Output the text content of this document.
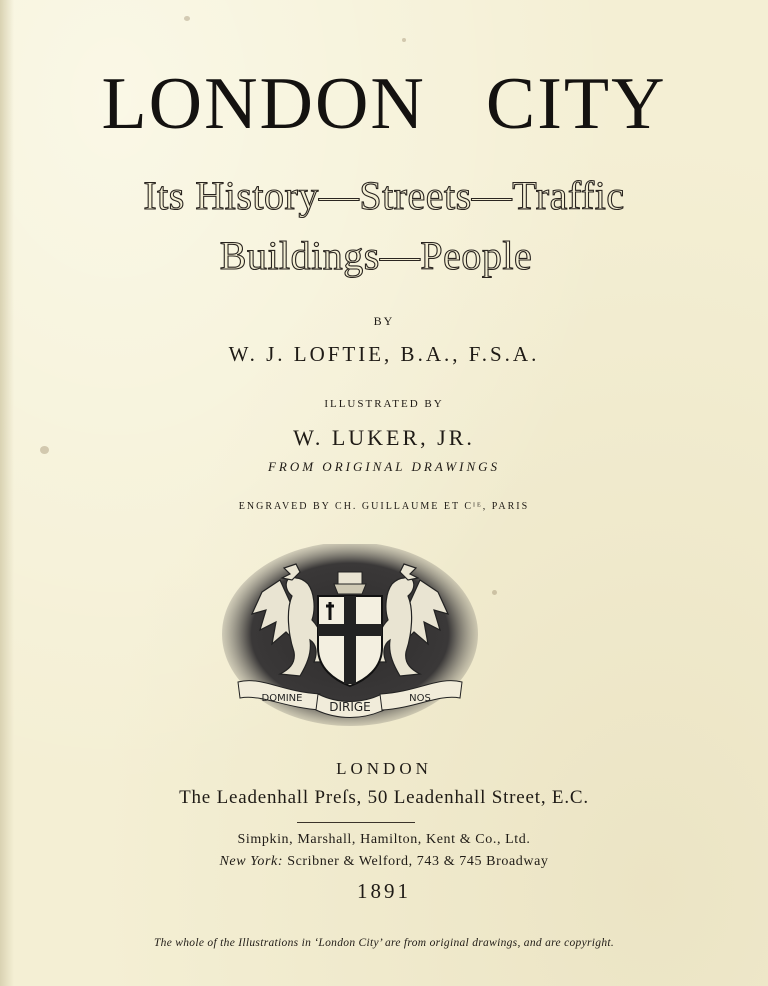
LONDON CITY
Its History—Streets—Traffic
Buildings—People
BY
W. J. LOFTIE, B.A., F.S.A.
ILLUSTRATED BY
W. LUKER, JR.
FROM ORIGINAL DRAWINGS
ENGRAVED BY CH. GUILLAUME ET Cᴵᴱ, PARIS
DOMINE
DIRIGE
NOS
LONDON
The Leadenhall Preſs, 50 Leadenhall Street, E.C.
Simpkin, Marshall, Hamilton, Kent & Co., Ltd.
New York: Scribner & Welford, 743 & 745 Broadway
1891
The whole of the Illustrations in ‘London City’ are from original drawings, and are copyright.
